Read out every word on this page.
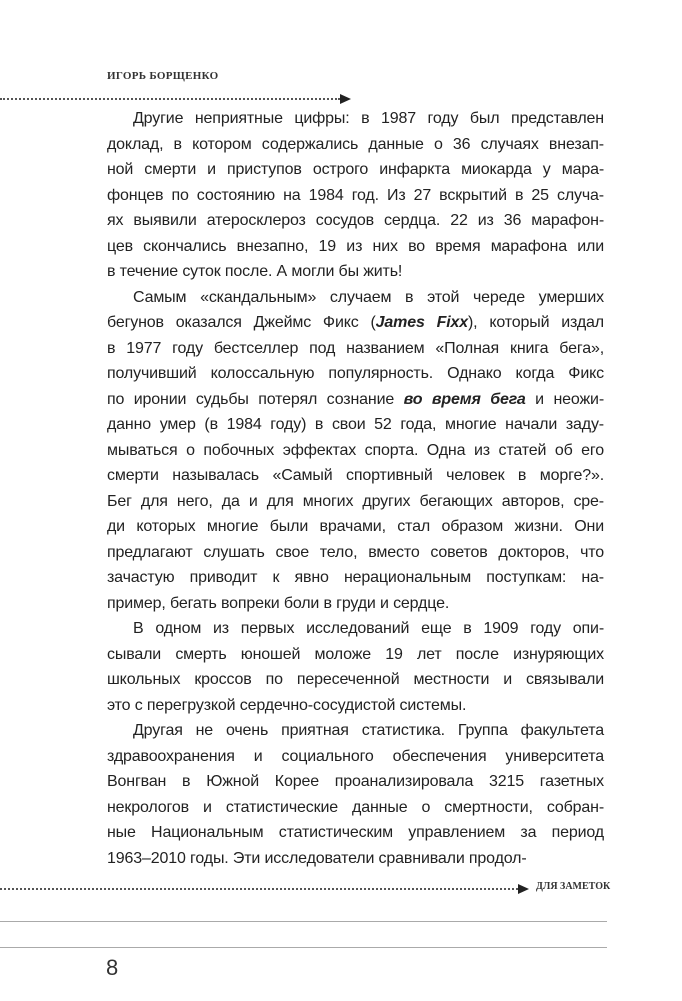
ИГОРЬ БОРЩЕНКО
Другие неприятные цифры: в 1987 году был представлен
доклад, в котором содержались данные о 36 случаях внезап-
ной смерти и приступов острого инфаркта миокарда у мара-
фонцев по состоянию на 1984 год. Из 27 вскрытий в 25 случа-
ях выявили атеросклероз сосудов сердца. 22 из 36 марафон-
цев скончались внезапно, 19 из них во время марафона или
в течение суток после. А могли бы жить!
Самым «скандальным» случаем в этой череде умерших
бегунов оказался Джеймс Фикс (James Fixx), который издал
в 1977 году бестселлер под названием «Полная книга бега»,
получивший колоссальную популярность. Однако когда Фикс
по иронии судьбы потерял сознание во время бега и неожи-
данно умер (в 1984 году) в свои 52 года, многие начали заду-
мываться о побочных эффектах спорта. Одна из статей об его
смерти называлась «Самый спортивный человек в морге?».
Бег для него, да и для многих других бегающих авторов, сре-
ди которых многие были врачами, стал образом жизни. Они
предлагают слушать свое тело, вместо советов докторов, что
зачастую приводит к явно нерациональным поступкам: на-
пример, бегать вопреки боли в груди и сердце.
В одном из первых исследований еще в 1909 году опи-
сывали смерть юношей моложе 19 лет после изнуряющих
школьных кроссов по пересеченной местности и связывали
это с перегрузкой сердечно-сосудистой системы.
Другая не очень приятная статистика. Группа факультета
здравоохранения и социального обеспечения университета
Вонгван в Южной Корее проанализировала 3215 газетных
некрологов и статистические данные о смертности, собран-
ные Национальным статистическим управлением за период
1963–2010 годы. Эти исследователи сравнивали продол-
ДЛЯ ЗАМЕТОК
8
